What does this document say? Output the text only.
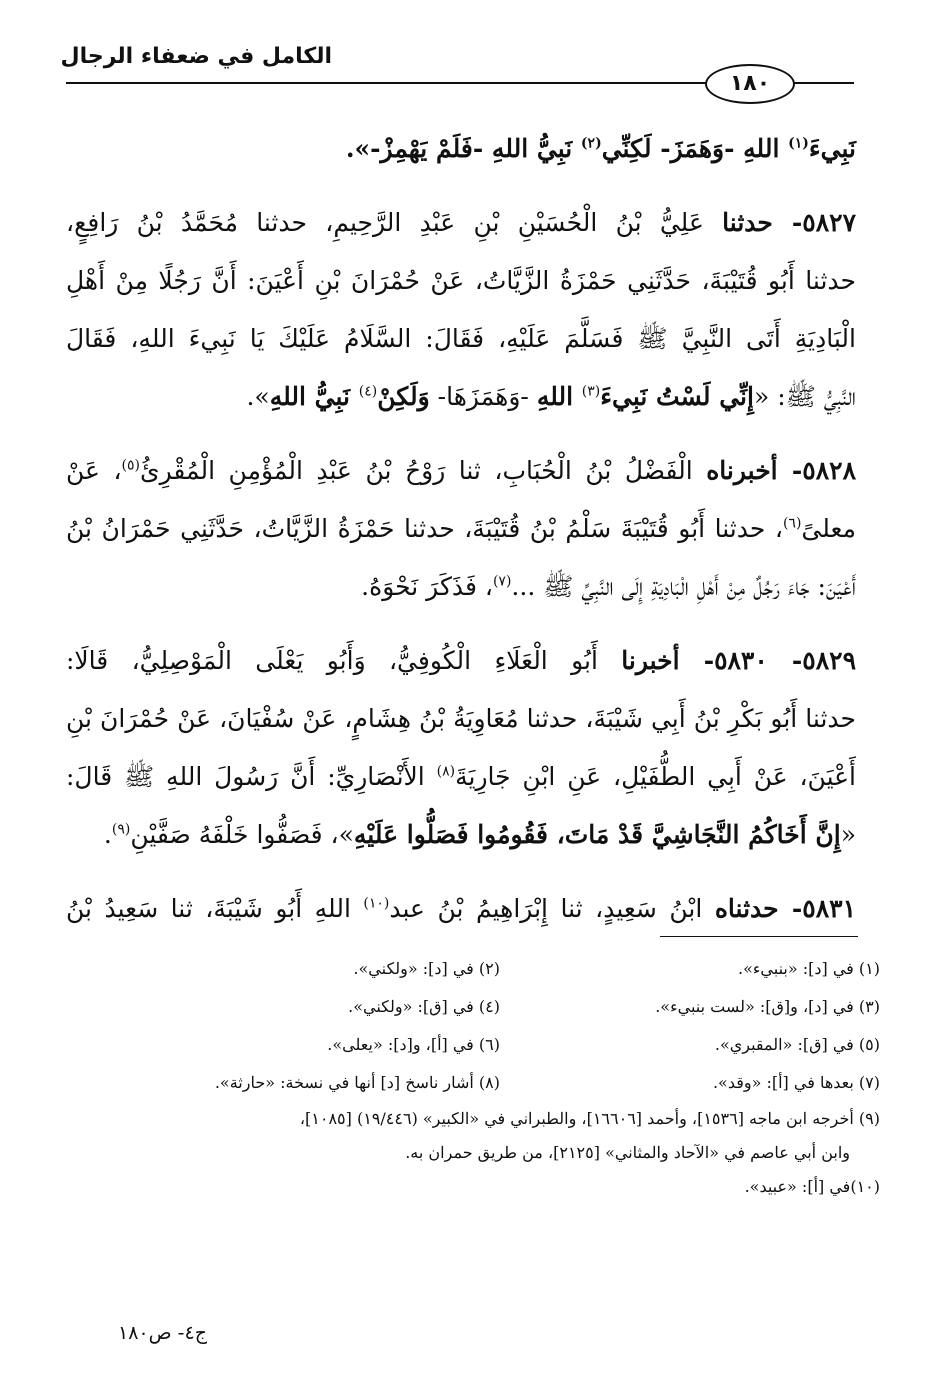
الكامل في ضعفاء الرجال
١٨٠
نَبِيءَ$^{(١)}$ اللهِ -وَهَمَزَ- لَكِنِّي$^{(٢)}$ نَبِيُّ اللهِ -فَلَمْ يَهْمِزْ-».
٥٨٢٧- حدثنا عَلِيُّ بْنُ الْحُسَيْنِ بْنِ عَبْدِ الرَّحِيمِ، حدثنا مُحَمَّدُ بْنُ رَافِعٍ،
حدثنا أَبُو قُتَيْبَةَ، حَدَّثَنِي حَمْزَةُ الزَّيَّاتُ، عَنْ حُمْرَانَ بْنِ أَعْيَنَ: أَنَّ رَجُلًا مِنْ أَهْلِ
الْبَادِيَةِ أَتَى النَّبِيَّ ﷺ فَسَلَّمَ عَلَيْهِ، فَقَالَ: السَّلَامُ عَلَيْكَ يَا نَبِيءَ اللهِ، فَقَالَ
النَّبِيُّ ﷺ: «إِنِّي لَسْتُ نَبِيءَ$^{(٣)}$ اللهِ -وَهَمَزَهَا- وَلَكِنْ$^{(٤)}$ نَبِيُّ اللهِ».
٥٨٢٨- أخبرناه الْفَضْلُ بْنُ الْحُبَابِ، ثنا رَوْحُ بْنُ عَبْدِ الْمُؤْمِنِ الْمُقْرِئُ$^{(٥)}$، عَنْ
معلىً$^{(٦)}$، حدثنا أَبُو قُتَيْبَةَ سَلْمُ بْنُ قُتَيْبَةَ، حدثنا حَمْزَةُ الزَّيَّاتُ، حَدَّثَنِي حَمْرَانُ بْنُ
أَعْيَنَ: جَاءَ رَجُلٌ مِنْ أَهْلِ الْبَادِيَةِ إِلَى النَّبِيِّ ﷺ ...$^{(٧)}$، فَذَكَرَ نَحْوَهُ.
٥٨٢٩- ٥٨٣٠- أخبرنا أَبُو الْعَلَاءِ الْكُوفِيُّ، وَأَبُو يَعْلَى الْمَوْصِلِيُّ، قَالَا:
حدثنا أَبُو بَكْرِ بْنُ أَبِي شَيْبَةَ، حدثنا مُعَاوِيَةُ بْنُ هِشَامٍ، عَنْ سُفْيَانَ، عَنْ حُمْرَانَ بْنِ
أَعْيَنَ، عَنْ أَبِي الطُّفَيْلِ، عَنِ ابْنِ جَارِيَةَ$^{(٨)}$ الأَنْصَارِيِّ: أَنَّ رَسُولَ اللهِ ﷺ قَالَ:
«إِنَّ أَخَاكُمُ النَّجَاشِيَّ قَدْ مَاتَ، فَقُومُوا فَصَلُّوا عَلَيْهِ»، فَصَفُّوا خَلْفَهُ صَفَّيْنِ$^{(٩)}$.
٥٨٣١- حدثناه ابْنُ سَعِيدٍ، ثنا إِبْرَاهِيمُ بْنُ عبد$^{(١٠)}$ اللهِ أَبُو شَيْبَةَ، ثنا سَعِيدُ بْنُ
(١) في [د]: «بنبيء».
(٢) في [د]: «ولكني».
(٣) في [د]، و[ق]: «لست بنبيء».
(٤) في [ق]: «ولكني».
(٥) في [ق]: «المقبري».
(٦) في [أ]، و[د]: «يعلى».
(٧) بعدها في [أ]: «وقد».
(٨) أشار ناسخ [د] أنها في نسخة: «حارثة».
(٩) أخرجه ابن ماجه [١٥٣٦]، وأحمد [١٦٦٠٦]، والطبراني في «الكبير» (١٩/٤٤٦) [١٠٨٥]،
وابن أبي عاصم في «الآحاد والمثاني» [٢١٢٥]، من طريق حمران به.
(١٠)في [أ]: «عبيد».
ج٤- ص١٨٠
